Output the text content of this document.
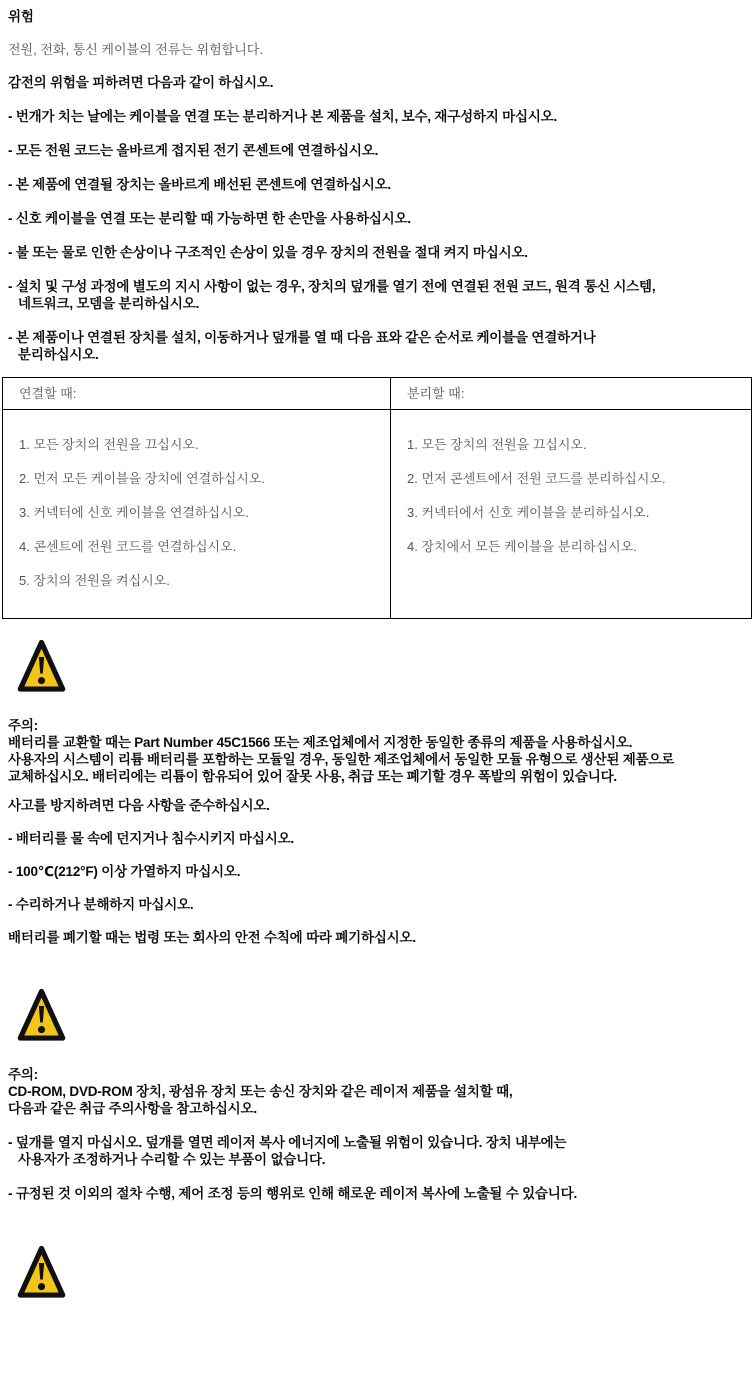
위험
전원, 전화, 통신 케이블의 전류는 위험합니다.
감전의 위험을 피하려면 다음과 같이 하십시오.
- 번개가 치는 날에는 케이블을 연결 또는 분리하거나 본 제품을 설치, 보수, 재구성하지 마십시오.
- 모든 전원 코드는 올바르게 접지된 전기 콘센트에 연결하십시오.
- 본 제품에 연결될 장치는 올바르게 배선된 콘센트에 연결하십시오.
- 신호 케이블을 연결 또는 분리할 때 가능하면 한 손만을 사용하십시오.
- 불 또는 물로 인한 손상이나 구조적인 손상이 있을 경우 장치의 전원을 절대 켜지 마십시오.
- 설치 및 구성 과정에 별도의 지시 사항이 없는 경우, 장치의 덮개를 열기 전에 연결된 전원 코드, 원격 통신 시스템,
네트워크, 모뎀을 분리하십시오.
- 본 제품이나 연결된 장치를 설치, 이동하거나 덮개를 열 때 다음 표와 같은 순서로 케이블을 연결하거나
분리하십시오.
연결할 때:	분리할 때:

1. 모든 장치의 전원을 끄십시오.
2. 먼저 모든 케이블을 장치에 연결하십시오.
3. 커넥터에 신호 케이블을 연결하십시오.
4. 콘센트에 전원 코드를 연결하십시오.
5. 장치의 전원을 켜십시오.

1. 모든 장치의 전원을 끄십시오.
2. 먼저 콘센트에서 전원 코드를 분리하십시오.
3. 커넥터에서 신호 케이블을 분리하십시오.
4. 장치에서 모든 케이블을 분리하십시오.
주의:
배터리를 교환할 때는 Part Number 45C1566 또는 제조업체에서 지정한 동일한 종류의 제품을 사용하십시오.
사용자의 시스템이 리튬 배터리를 포함하는 모듈일 경우, 동일한 제조업체에서 동일한 모듈 유형으로 생산된 제품으로
교체하십시오. 배터리에는 리튬이 함유되어 있어 잘못 사용, 취급 또는 폐기할 경우 폭발의 위험이 있습니다.
사고를 방지하려면 다음 사항을 준수하십시오.
- 배터리를 물 속에 던지거나 침수시키지 마십시오.
- 100℃(212°F) 이상 가열하지 마십시오.
- 수리하거나 분해하지 마십시오.
배터리를 폐기할 때는 법령 또는 회사의 안전 수칙에 따라 폐기하십시오.
주의:
CD-ROM, DVD-ROM 장치, 광섬유 장치 또는 송신 장치와 같은 레이저 제품을 설치할 때,
다음과 같은 취급 주의사항을 참고하십시오.
- 덮개를 열지 마십시오. 덮개를 열면 레이저 복사 에너지에 노출될 위험이 있습니다. 장치 내부에는
사용자가 조정하거나 수리할 수 있는 부품이 없습니다.
- 규정된 것 이외의 절차 수행, 제어 조정 등의 행위로 인해 해로운 레이저 복사에 노출될 수 있습니다.
